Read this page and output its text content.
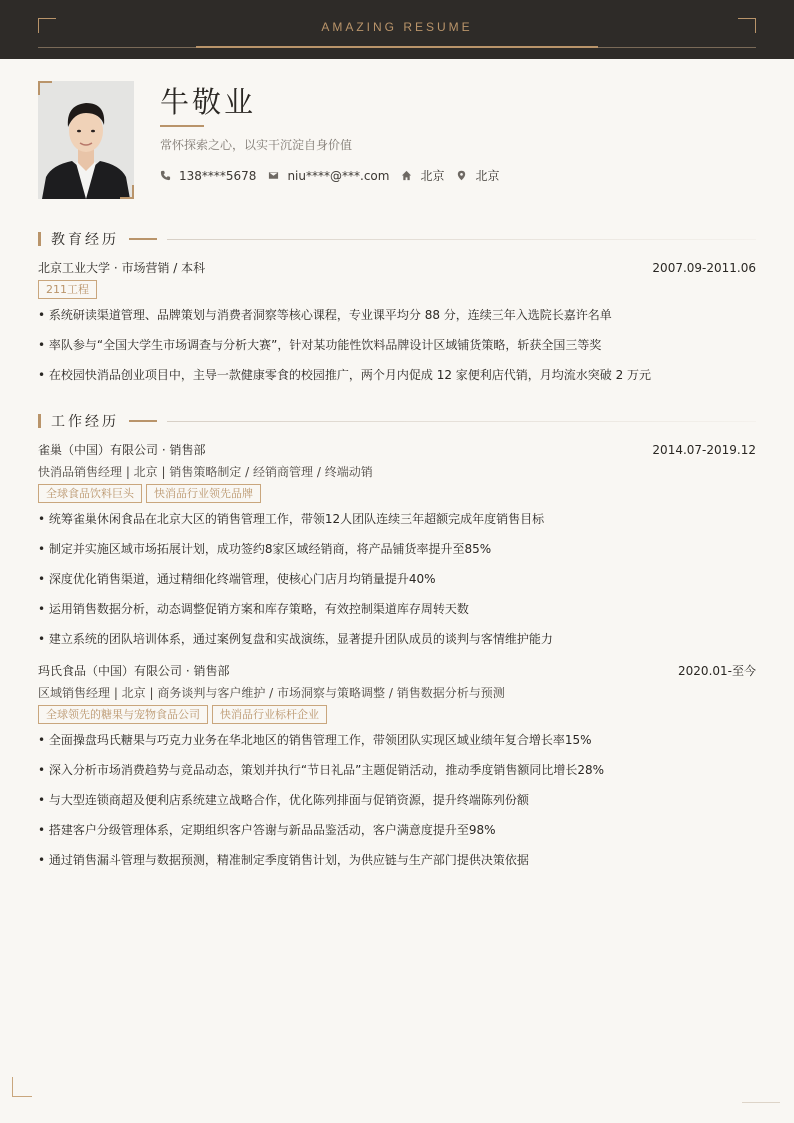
AMAZING RESUME
牛敬业
常怀探索之心，以实干沉淀自身价值
138****5678	niu****@***.com	北京	北京
教育经历
北京工业大学 · 市场营销 / 本科	2007.09-2011.06
211工程
• 系统研读渠道管理、品牌策划与消费者洞察等核心课程，专业课平均分 88 分，连续三年入选院长嘉许名单
• 率队参与“全国大学生市场调查与分析大赛”，针对某功能性饮料品牌设计区域铺货策略，斩获全国三等奖
• 在校园快消品创业项目中，主导一款健康零食的校园推广，两个月内促成 12 家便利店代销，月均流水突破 2 万元
工作经历
雀巢（中国）有限公司 · 销售部	2014.07-2019.12
快消品销售经理 | 北京 | 销售策略制定 / 经销商管理 / 终端动销
全球食品饮料巨头	快消品行业领先品牌
• 统筹雀巢休闲食品在北京大区的销售管理工作，带领12人团队连续三年超额完成年度销售目标
• 制定并实施区域市场拓展计划，成功签约8家区域经销商，将产品铺货率提升至85%
• 深度优化销售渠道，通过精细化终端管理，使核心门店月均销量提升40%
• 运用销售数据分析，动态调整促销方案和库存策略，有效控制渠道库存周转天数
• 建立系统的团队培训体系，通过案例复盘和实战演练，显著提升团队成员的谈判与客情维护能力
玛氏食品（中国）有限公司 · 销售部	2020.01-至今
区域销售经理 | 北京 | 商务谈判与客户维护 / 市场洞察与策略调整 / 销售数据分析与预测
全球领先的糖果与宠物食品公司	快消品行业标杆企业
• 全面操盘玛氏糖果与巧克力业务在华北地区的销售管理工作，带领团队实现区域业绩年复合增长率15%
• 深入分析市场消费趋势与竞品动态，策划并执行“节日礼品”主题促销活动，推动季度销售额同比增长28%
• 与大型连锁商超及便利店系统建立战略合作，优化陈列排面与促销资源，提升终端陈列份额
• 搭建客户分级管理体系，定期组织客户答谢与新品品鉴活动，客户满意度提升至98%
• 通过销售漏斗管理与数据预测，精准制定季度销售计划，为供应链与生产部门提供决策依据
